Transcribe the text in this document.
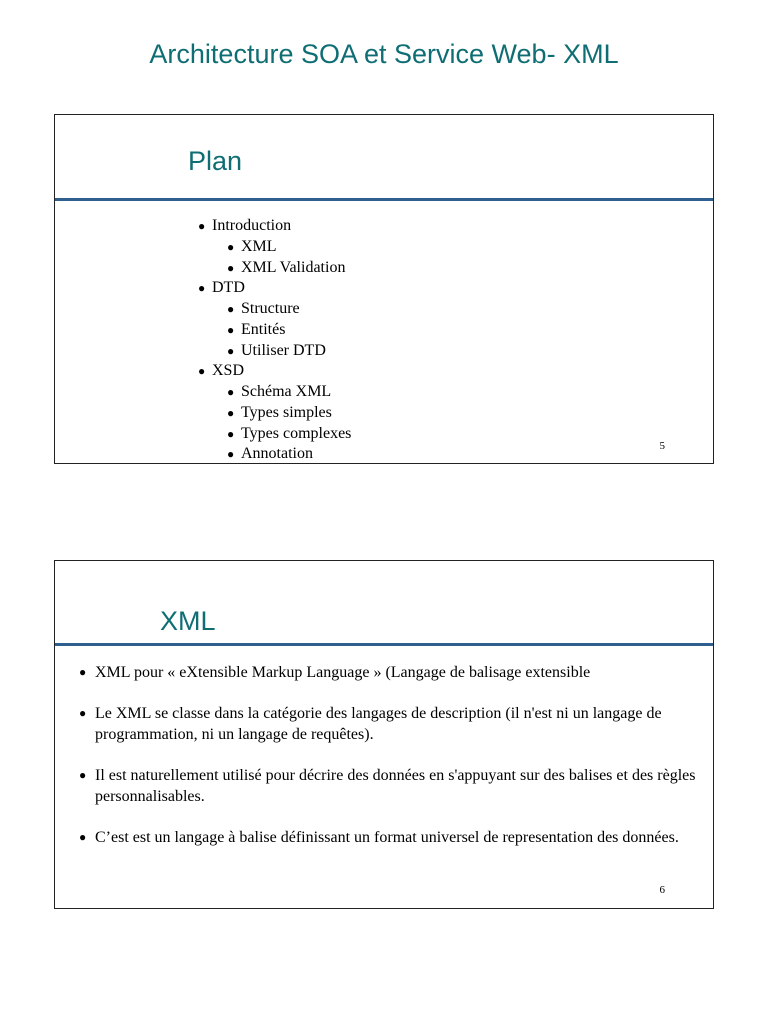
Architecture SOA et Service Web- XML
Plan
● Introduction
● XML
● XML Validation
● DTD
● Structure
● Entités
● Utiliser DTD
● XSD
● Schéma XML
● Types simples
● Types complexes
● Annotation	5
XML
● XML pour « eXtensible Markup Language » (Langage de balisage extensible
● Le XML se classe dans la catégorie des langages de description (il n'est ni un langage de programmation, ni un langage de requêtes).
● Il est naturellement utilisé pour décrire des données en s'appuyant sur des balises et des règles personnalisables.
● C’est est un langage à balise définissant un format universel de representation des données.
6
